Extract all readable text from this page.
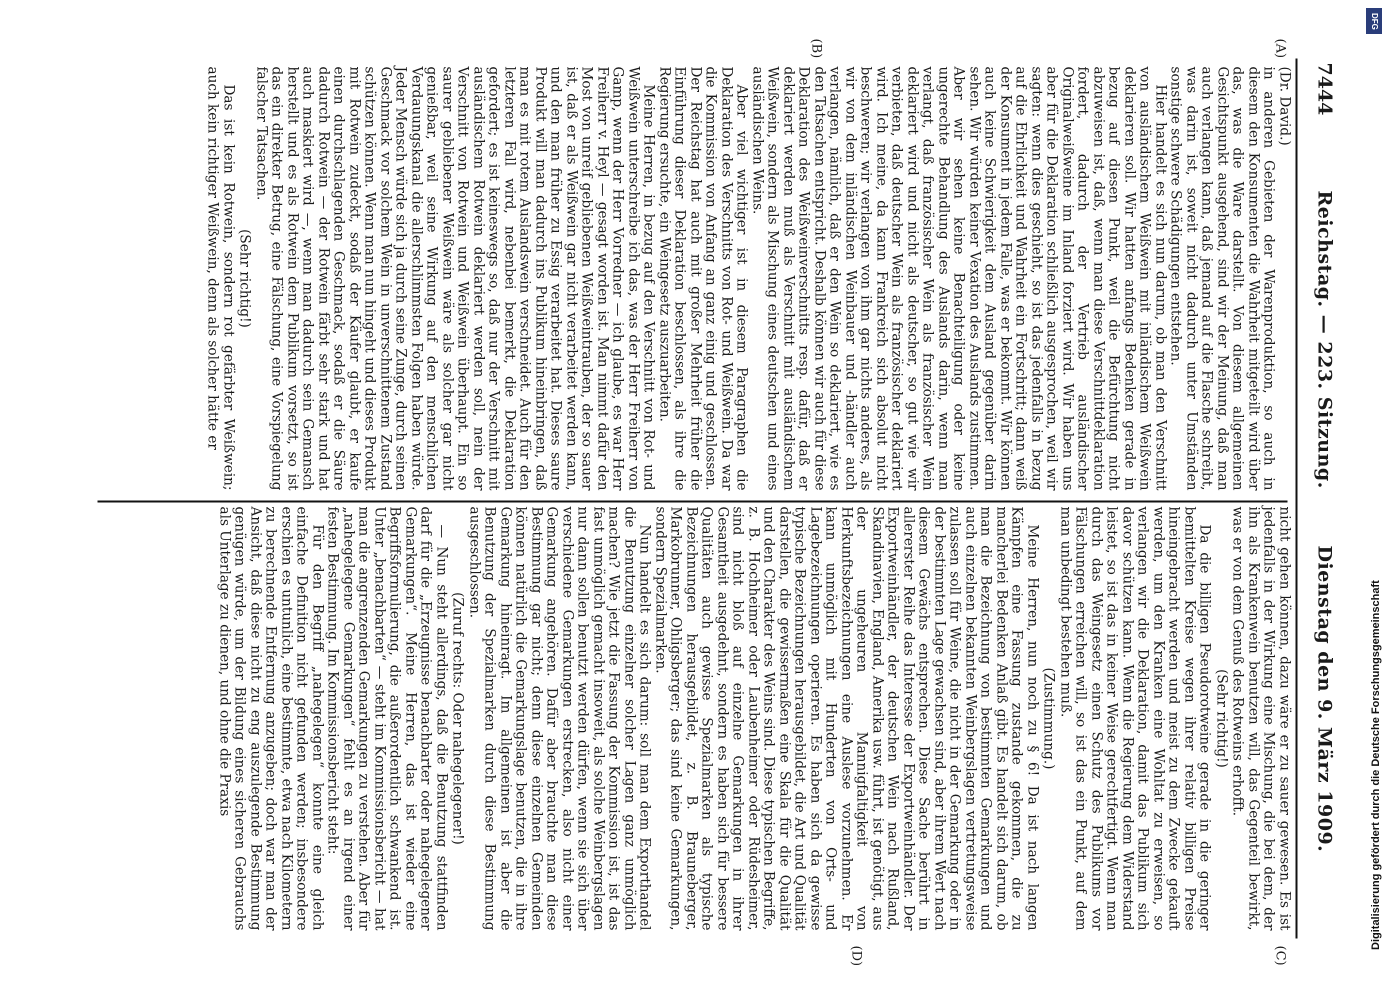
7444
Reichstag. — 223. Sitzung.
Dienstag den 9. März 1909.
(A)
(B)
(C)
(D)

(Dr. David.)

in anderen Gebieten der Warenproduktion, so auch in diesem den Konsumenten die Wahrheit mitgeteilt wird über das, was die Ware darstellt. Von diesem allgemeinen Gesichtspunkt ausgehend, sind wir der Meinung, daß man auch verlangen kann, daß jemand auf die Flasche schreibt, was darin ist, soweit nicht dadurch unter Umständen sonstige schwere Schädigungen entstehen.

Hier handelt es sich nun darum, ob man den Verschnitt von ausländischem Weißwein mit inländischem Weißwein deklarieren soll. Wir hatten anfangs Bedenken gerade in bezug auf diesen Punkt, weil die Befürchtung nicht abzuweisen ist, daß, wenn man diese Verschnittdeklaration fordert, dadurch der Vertrieb ausländischer Originalweißweine im Inland forziert wird. Wir haben uns aber für die Deklaration schließlich ausgesprochen, weil wir sagten: wenn dies geschieht, so ist das jedenfalls in bezug auf die Ehrlichkeit und Wahrheit ein Fortschritt; dann weiß der Konsument in jedem Falle, was er bekommt. Wir können auch keine Schwierigkeit dem Ausland gegenüber darin sehen. Wir würden keiner Vexation des Auslands zustimmen. Aber wir sehen keine Benachteiligung oder keine ungerechte Behandlung des Auslands darin, wenn man verlangt, daß französischer Wein als französischer Wein deklariert wird und nicht als deutscher, so gut wie wir verbieten, daß deutscher Wein als französischer deklariert wird. Ich meine, da kann Frankreich sich absolut nicht beschweren; wir verlangen von ihm gar nichts anderes, als wir von dem inländischen Weinbauer und -händler auch verlangen, nämlich, daß er den Wein so deklariert, wie es den Tatsachen entspricht. Deshalb können wir auch für diese Deklaration des Weißweinverschnitts resp. dafür, daß er deklariert werden muß als Verschnitt mit ausländischem Weißwein, sondern als Mischung eines deutschen und eines ausländischen Weins.

Aber viel wichtiger ist in diesem Paragraphen die Deklaration des Verschnitts von Rot- und Weißwein. Da war die Kommission von Anfang an ganz einig und geschlossen. Der Reichstag hat auch mit großer Mehrheit früher die Einführung dieser Deklaration beschlossen, als ihre die Regierung ersuchte, ein Weingesetz auszuarbeiten.

Meine Herren, in bezug auf den Verschnitt von Rot- und Weißwein unterschreibe ich das, was der Herr Freiherr von Gamp, wenn der Herr Vorredner — ich glaube, es war Herr Freiherr v. Heyl — gesagt worden ist. Man nimmt dafür den Most von unreif gebliebenen Weißweintrauben, der so sauer ist, daß er als Weißwein gar nicht verarbeitet werden kann, und den man früher zu Essig verarbeitet hat. Dieses saure Produkt will man dadurch ins Publikum hineinbringen, daß man es mit rotem Auslandswein verschneidet. Auch für den letzteren Fall wird, nebenbei bemerkt, die Deklaration gefordert; es ist keineswegs so, daß nur der Verschnitt mit ausländischem Rotwein deklariert werden soll, nein der Verschnitt von Rotwein und Weißwein überhaupt. Ein so saurer gebliebener Weißwein wäre als solcher gar nicht genießbar, weil seine Wirkung auf den menschlichen Verdauungskanal die allerschlimmsten Folgen haben würde. Jeder Mensch würde sich ja durch seine Zunge, durch seinen Geschmack vor solchem Wein in unverschnittenem Zustand schützen können. Wenn man nun hingeht und dieses Produkt mit Rotwein zudeckt, sodaß der Käufer glaubt, er kaufe einen durchschlagenden Geschmack, sodaß er die Säure dadurch Rotwein — der Rotwein färbt sehr stark und hat auch maskiert wird —, wenn man dadurch sein Gemansch herstellt und es als Rotwein dem Publikum vorsetzt, so ist das ein direkter Betrug, eine Fälschung, eine Vorspiegelung falscher Tatsachen.

(Sehr richtig!)

Das ist kein Rotwein, sondern rot gefärbter Weißwein; auch kein richtiger Weißwein, denn als solcher hätte er

nicht gehen können, dazu wäre er zu sauer gewesen. Es ist jedenfalls in der Wirkung eine Mischung, die bei dem, der ihn als Krankenwein benutzen will, das Gegenteil bewirkt, was er von dem Genuß des Rotweins erhofft.

(Sehr richtig!)

Da die billigen Pseudorotweine gerade in die geringer bemittelten Kreise wegen ihrer relativ billigen Preise hineingebracht werden und meist zu dem Zwecke gekauft werden, um den Kranken eine Wohltat zu erweisen, so verlangen wir die Deklaration, damit das Publikum sich davor schützen kann. Wenn die Regierung dem Widerstand leistet, so ist das in keiner Weise gerechtfertigt. Wenn man durch das Weingesetz einen Schutz des Publikums vor Fälschungen erreichen will, so ist das ein Punkt, auf dem man unbedingt bestehen muß.

(Zustimmung.)

Meine Herren, nun noch zu § 6! Da ist nach langen Kämpfen eine Fassung zustande gekommen, die zu mancherlei Bedenken Anlaß gibt. Es handelt sich darum, ob man die Bezeichnung von bestimmten Gemarkungen und auch einzelnen bekannten Weinbergslagen vertretungsweise zulassen soll für Weine, die nicht in der Gemarkung oder in der bestimmten Lage gewachsen sind, aber ihrem Wert nach diesem Gewächs entsprechen. Diese Sache berührt in allererster Reihe das Interesse der Exportweinhändler. Der Exportweinhändler, der deutschen Wein nach Rußland, Skandinavien, England, Amerika usw. führt, ist genötigt, aus der ungeheuren Mannigfaltigkeit von Herkunftsbezeichnungen eine Auslese vorzunehmen. Er kann unmöglich mit Hunderten von Orts- und Lagebezeichnungen operieren. Es haben sich da gewisse typische Bezeichnungen herausgebildet, die Art und Qualität darstellen, die gewissermaßen eine Skala für die Qualität und den Charakter des Weins sind. Diese typischen Begriffe, z. B. Hochheimer oder Laubenheimer oder Rüdesheimer, sind nicht bloß auf einzelne Gemarkungen in ihrer Gesamtheit ausgedehnt, sondern es haben sich für bessere Qualitäten auch gewisse Spezialmarken als typische Bezeichnungen herausgebildet, z. B. Brauneberger, Markobrunner, Ohligsberger; das sind keine Gemarkungen, sondern Spezialmarken.

Nun handelt es sich darum: soll man dem Exporthandel die Benutzung einzelner solcher Lagen ganz unmöglich machen? Wie jetzt die Fassung der Kommission ist, ist das fast unmöglich gemacht insoweit, als solche Weinbergslagen nur dann sollen benutzt werden dürfen, wenn sie sich über verschiedene Gemarkungen erstrecken, also nicht einer Gemarkung angehören. Dafür aber brauchte man diese Bestimmung gar nicht; denn diese einzelnen Gemeinden können natürlich die Gemarkungslage benutzen, die in ihre Gemarkung hineinragt. Im allgemeinen ist aber die Benutzung der Spezialmarken durch diese Bestimmung ausgeschlossen.

(Zuruf rechts: Oder nahegelegener!)

— Nun steht allerdings, daß die Benutzung stattfinden darf für die „Erzeugnisse benachbarter oder nahegelegener Gemarkungen“. Meine Herren, das ist wieder eine Begriffsformulierung, die außerordentlich schwankend ist. Unter „benachbarten“ — steht im Kommissionsbericht — hat man die angrenzenden Gemarkungen zu verstehen. Aber für „nahegelegene Gemarkungen“ fehlt es an irgend einer festen Bestimmung. Im Kommissionsbericht steht:

Für den Begriff „nahegelegen“ konnte eine gleich einfache Definition nicht gefunden werden; insbesondere erschien es untunlich, eine bestimmte, etwa nach Kilometern zu berechnende Entfernung anzugeben; doch war man der Ansicht, daß diese nicht zu eng auszulegende Bestimmung genügen würde, um der Bildung eines sicheren Gebrauchs als Unterlage zu dienen, und ohne die Praxis	Digitalisierung gefördert durch die Deutsche Forschungsgemeinschaft
DFG
